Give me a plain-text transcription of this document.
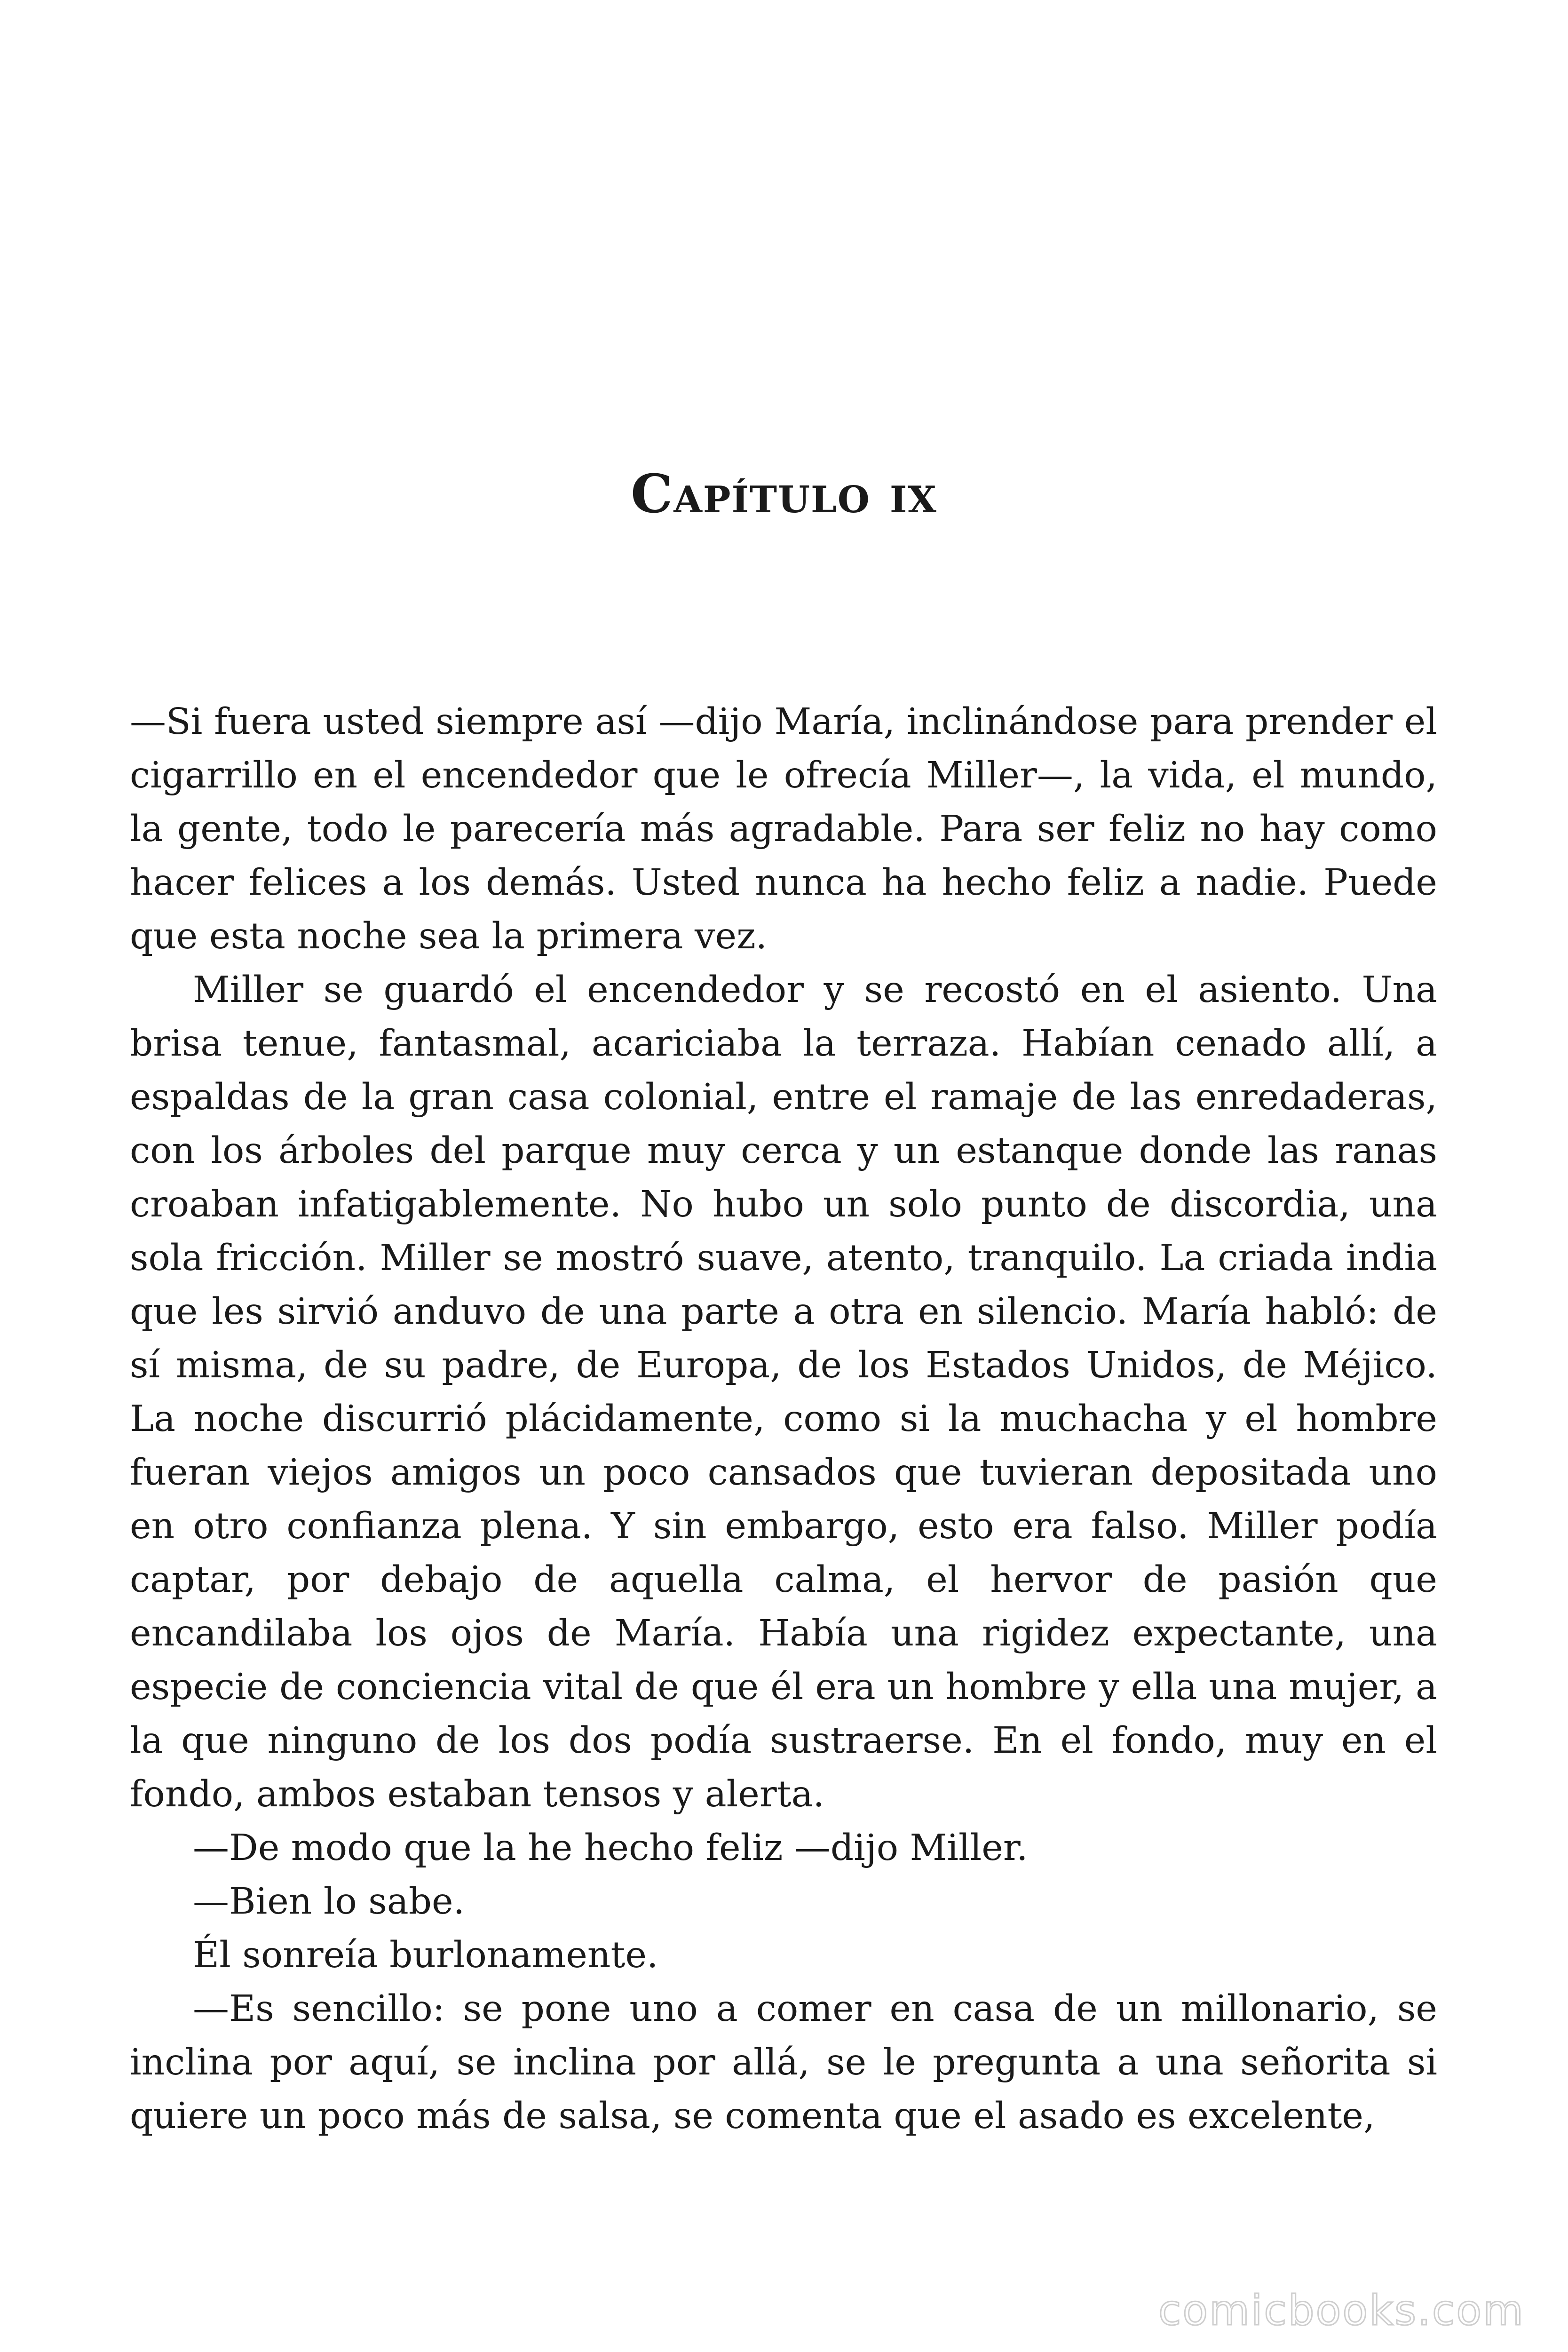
Capítulo ix

—Si fuera usted siempre así —dijo María, inclinándose para prender el cigarrillo en el encendedor que le ofrecía Miller—, la vida, el mundo, la gente, todo le parecería más agradable. Para ser feliz no hay como hacer felices a los demás. Usted nunca ha hecho feliz a nadie. Puede que esta noche sea la primera vez.

Miller se guardó el encendedor y se recostó en el asiento. Una brisa tenue, fantasmal, acariciaba la terraza. Habían cenado allí, a espaldas de la gran casa colonial, entre el ramaje de las enredaderas, con los árboles del parque muy cerca y un estanque donde las ranas croaban infatigablemente. No hubo un solo punto de discordia, una sola fricción. Miller se mostró suave, atento, tranquilo. La criada india que les sirvió anduvo de una parte a otra en silencio. María habló: de sí misma, de su padre, de Europa, de los Estados Unidos, de Méjico. La noche discurrió plácidamente, como si la muchacha y el hombre fueran viejos amigos un poco cansados que tuvieran depositada uno en otro confianza plena. Y sin embargo, esto era falso. Miller podía captar, por debajo de aquella calma, el hervor de pasión que encandilaba los ojos de María. Había una rigidez expectante, una especie de conciencia vital de que él era un hombre y ella una mujer, a la que ninguno de los dos podía sustraerse. En el fondo, muy en el fondo, ambos estaban tensos y alerta.

—De modo que la he hecho feliz —dijo Miller.

—Bien lo sabe.

Él sonreía burlonamente.

—Es sencillo: se pone uno a comer en casa de un millonario, se inclina por aquí, se inclina por allá, se le pregunta a una señorita si quiere un poco más de salsa, se comenta que el asado es excelente,

comicbooks.com
